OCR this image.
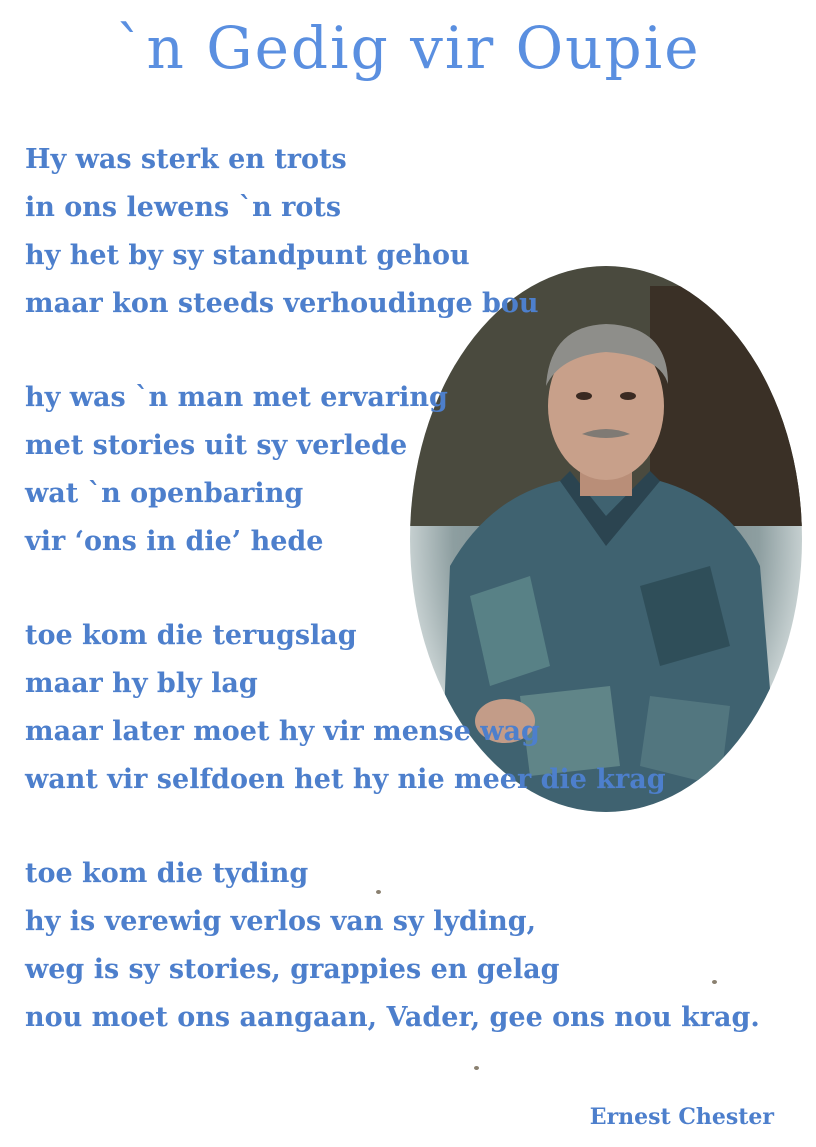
`n Gedig vir Oupie
Hy was sterk en trots
in ons lewens `n rots
hy het by sy standpunt gehou
maar kon steeds verhoudinge bou
hy was `n man met ervaring
met stories uit sy verlede
wat `n openbaring
vir ‘ons in die’ hede
toe kom die terugslag
maar hy bly lag
maar later moet hy vir mense wag
want vir selfdoen het hy nie meer die krag
toe kom die tyding
hy is verewig verlos van sy lyding,
weg is sy stories, grappies en gelag
nou moet ons aangaan, Vader, gee ons nou krag.
Ernest Chester
